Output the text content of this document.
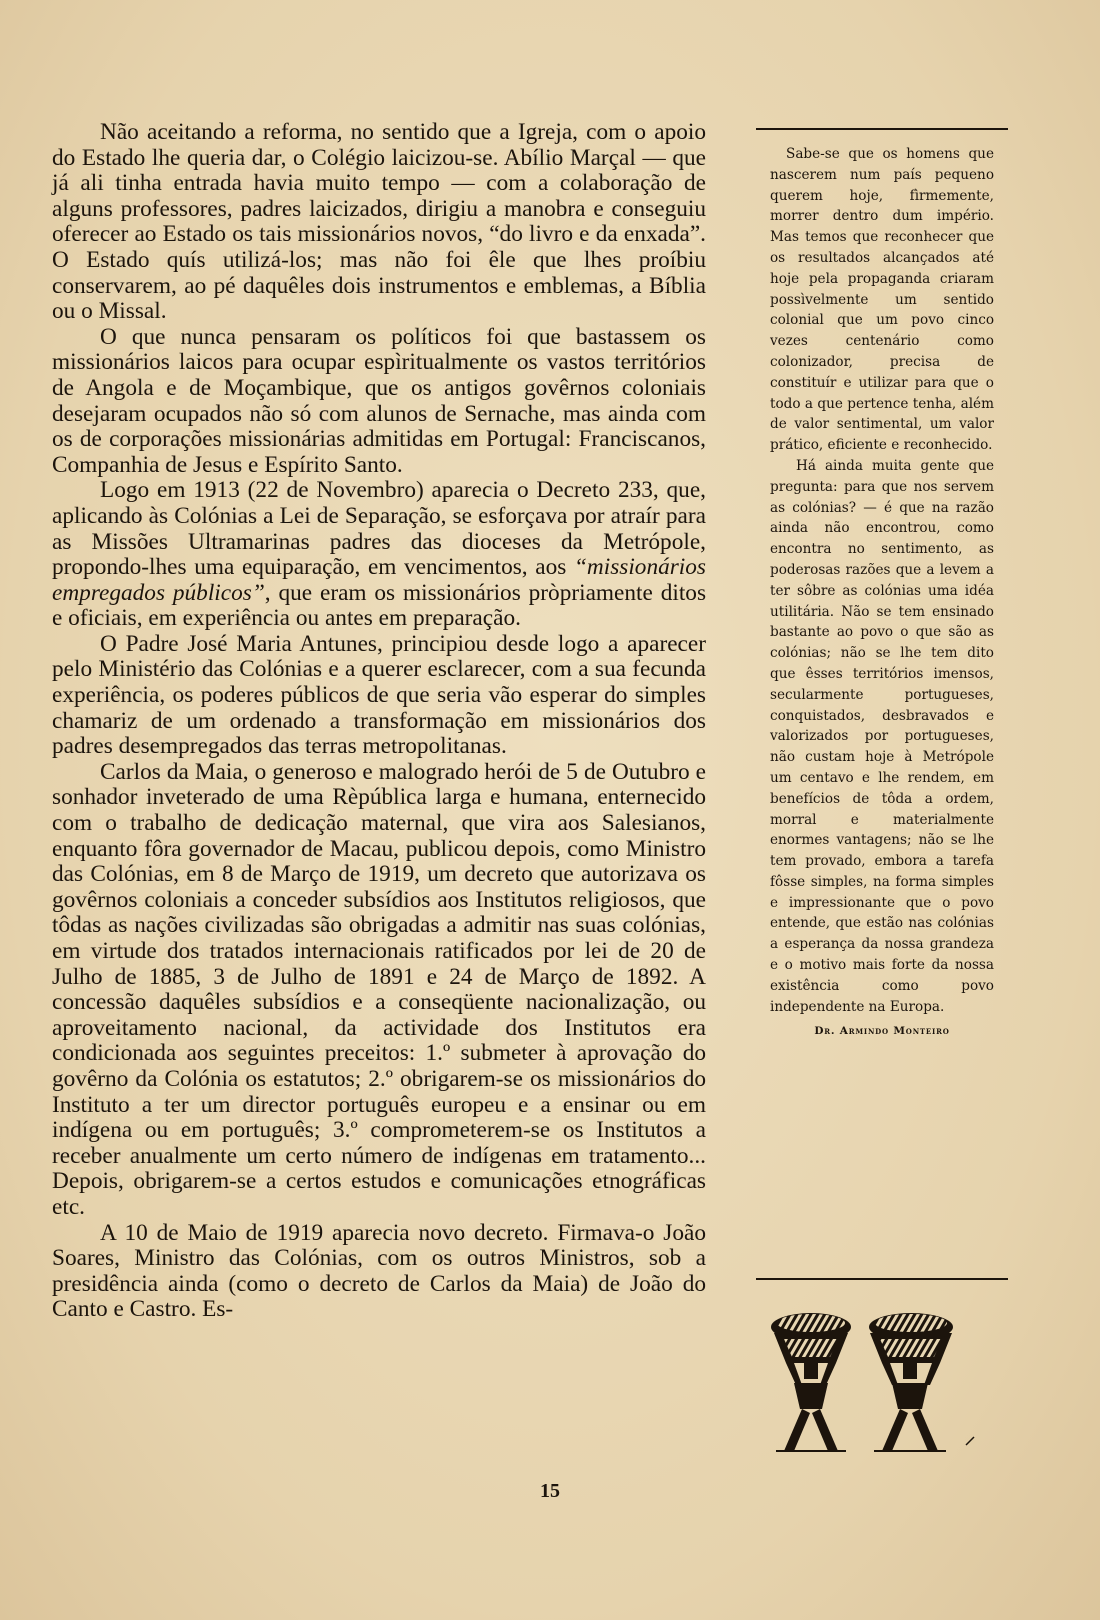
Não aceitando a reforma, no sentido que a Igreja, com o apoio do Estado lhe queria dar, o Colégio laicizou-se. Abílio Marçal — que já ali tinha entrada havia muito tempo — com a colaboração de alguns professores, padres laicizados, dirigiu a manobra e conseguiu oferecer ao Estado os tais missionários novos, “do livro e da enxada”. O Estado quís utilizá-los; mas não foi êle que lhes proíbiu conservarem, ao pé daquêles dois instrumentos e emblemas, a Bíblia ou o Missal.

O que nunca pensaram os políticos foi que bastassem os missionários laicos para ocupar espìritualmente os vastos territórios de Angola e de Moçambique, que os antigos govêrnos coloniais desejaram ocupados não só com alunos de Sernache, mas ainda com os de corporações missionárias admitidas em Portugal: Franciscanos, Companhia de Jesus e Espírito Santo.

Logo em 1913 (22 de Novembro) aparecia o Decreto 233, que, aplicando às Colónias a Lei de Separação, se esforçava por atraír para as Missões Ultramarinas padres das dioceses da Metrópole, propondo-lhes uma equiparação, em vencimentos, aos “missionários empregados públicos”, que eram os missionários pròpriamente ditos e oficiais, em experiência ou antes em preparação.

O Padre José Maria Antunes, principiou desde logo a aparecer pelo Ministério das Colónias e a querer esclarecer, com a sua fecunda experiência, os poderes públicos de que seria vão esperar do simples chamariz de um ordenado a transformação em missionários dos padres desempregados das terras metropolitanas.

Carlos da Maia, o generoso e malogrado herói de 5 de Outubro e sonhador inveterado de uma Rèpública larga e humana, enternecido com o trabalho de dedicação maternal, que vira aos Salesianos, enquanto fôra governador de Macau, publicou depois, como Ministro das Colónias, em 8 de Março de 1919, um decreto que autorizava os govêrnos coloniais a conceder subsídios aos Institutos religiosos, que tôdas as nações civilizadas são obrigadas a admitir nas suas colónias, em virtude dos tratados internacionais ratificados por lei de 20 de Julho de 1885, 3 de Julho de 1891 e 24 de Março de 1892. A concessão daquêles subsídios e a conseqüente nacionalização, ou aproveitamento nacional, da actividade dos Institutos era condicionada aos seguintes preceitos: 1.º submeter à aprovação do govêrno da Colónia os estatutos; 2.º obrigarem-se os missionários do Instituto a ter um director português europeu e a ensinar ou em indígena ou em português; 3.º comprometerem-se os Institutos a receber anualmente um certo número de indígenas em tratamento... Depois, obrigarem-se a certos estudos e comunicações etnográficas etc.

A 10 de Maio de 1919 aparecia novo decreto. Firmava-o João Soares, Ministro das Colónias, com os outros Ministros, sob a presidência ainda (como o decreto de Carlos da Maia) de João do Canto e Castro. Es-

Sabe-se que os homens que nascerem num país pequeno querem hoje, fìrmemente, morrer dentro dum império. Mas temos que reconhecer que os resultados alcançados até hoje pela propaganda criaram possìvelmente um sentido colonial que um povo cinco vezes centenário como colonizador, precisa de constituír e utilizar para que o todo a que pertence tenha, além de valor sentimental, um valor prático, eficiente e reconhecido.

Há ainda muita gente que pregunta: para que nos servem as colónias? — é que na razão ainda não encontrou, como encontra no sentimento, as poderosas razões que a levem a ter sôbre as colónias uma idéa utilitária. Não se tem ensinado bastante ao povo o que são as colónias; não se lhe tem dito que êsses territórios imensos, secularmente portugueses, conquistados, desbravados e valorizados por portugueses, não custam hoje à Metrópole um centavo e lhe rendem, em benefícios de tôda a ordem, morral e materialmente enormes vantagens; não se lhe tem provado, embora a tarefa fôsse simples, na forma simples e impressionante que o povo entende, que estão nas colónias a esperança da nossa grandeza e o motivo mais forte da nossa existência como povo independente na Europa.

Dr. Armindo Monteiro
15
